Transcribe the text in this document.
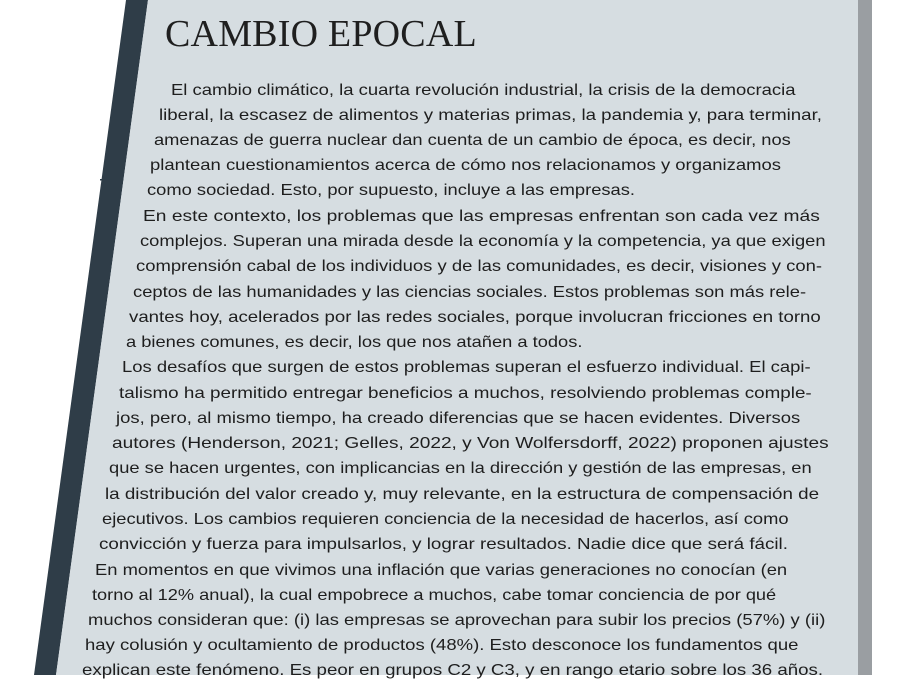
CAMBIO EPOCAL
El cambio climático, la cuarta revolución industrial, la crisis de la democracia
liberal, la escasez de alimentos y materias primas, la pandemia y, para terminar,
amenazas de guerra nuclear dan cuenta de un cambio de época, es decir, nos
plantean cuestionamientos acerca de cómo nos relacionamos y organizamos
como sociedad. Esto, por supuesto, incluye a las empresas.
En este contexto, los problemas que las empresas enfrentan son cada vez más
complejos. Superan una mirada desde la economía y la competencia, ya que exigen
comprensión cabal de los individuos y de las comunidades, es decir, visiones y con-
ceptos de las humanidades y las ciencias sociales. Estos problemas son más rele-
vantes hoy, acelerados por las redes sociales, porque involucran fricciones en torno
a bienes comunes, es decir, los que nos atañen a todos.
Los desafíos que surgen de estos problemas superan el esfuerzo individual. El capi-
talismo ha permitido entregar beneficios a muchos, resolviendo problemas comple-
jos, pero, al mismo tiempo, ha creado diferencias que se hacen evidentes. Diversos
autores (Henderson, 2021; Gelles, 2022, y Von Wolfersdorff, 2022) proponen ajustes
que se hacen urgentes, con implicancias en la dirección y gestión de las empresas, en
la distribución del valor creado y, muy relevante, en la estructura de compensación de
ejecutivos. Los cambios requieren conciencia de la necesidad de hacerlos, así como
convicción y fuerza para impulsarlos, y lograr resultados. Nadie dice que será fácil.
En momentos en que vivimos una inflación que varias generaciones no conocían (en
torno al 12% anual), la cual empobrece a muchos, cabe tomar conciencia de por qué
muchos consideran que: (i) las empresas se aprovechan para subir los precios (57%) y (ii)
hay colusión y ocultamiento de productos (48%). Esto desconoce los fundamentos que
explican este fenómeno. Es peor en grupos C2 y C3, y en rango etario sobre los 36 años.
